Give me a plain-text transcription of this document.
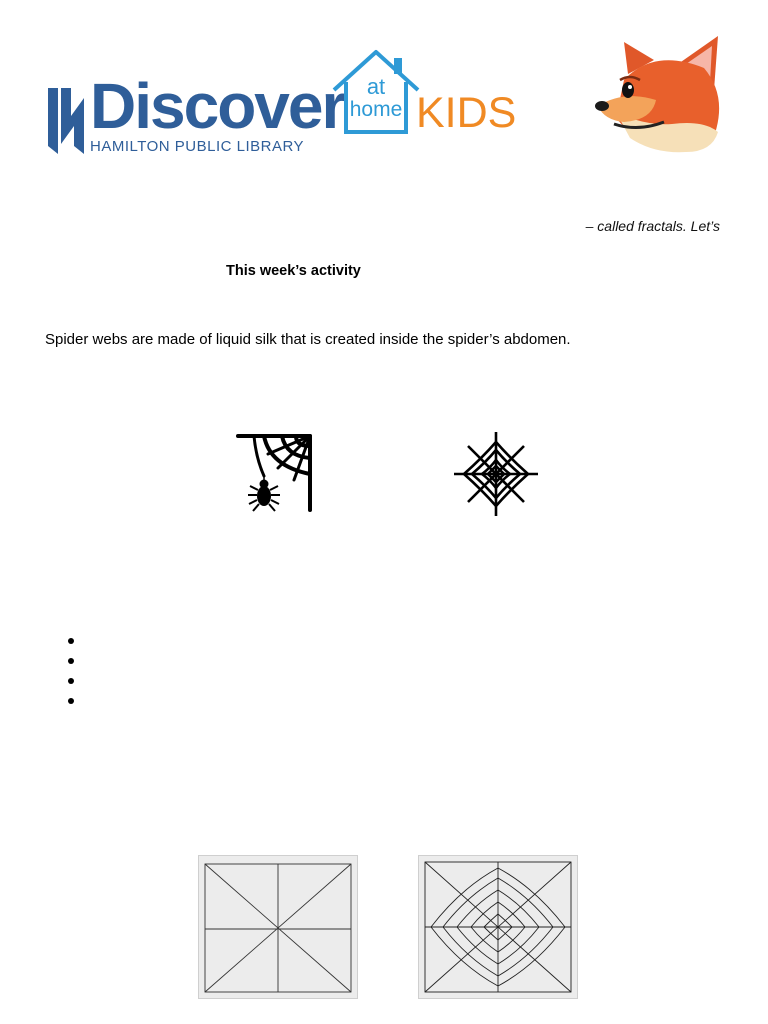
Discover
HAMILTON PUBLIC LIBRARY
at
home KIDS
– called fractals. Let’s
This week’s activity
Spider webs are made of liquid silk that is created inside the spider’s abdomen.
